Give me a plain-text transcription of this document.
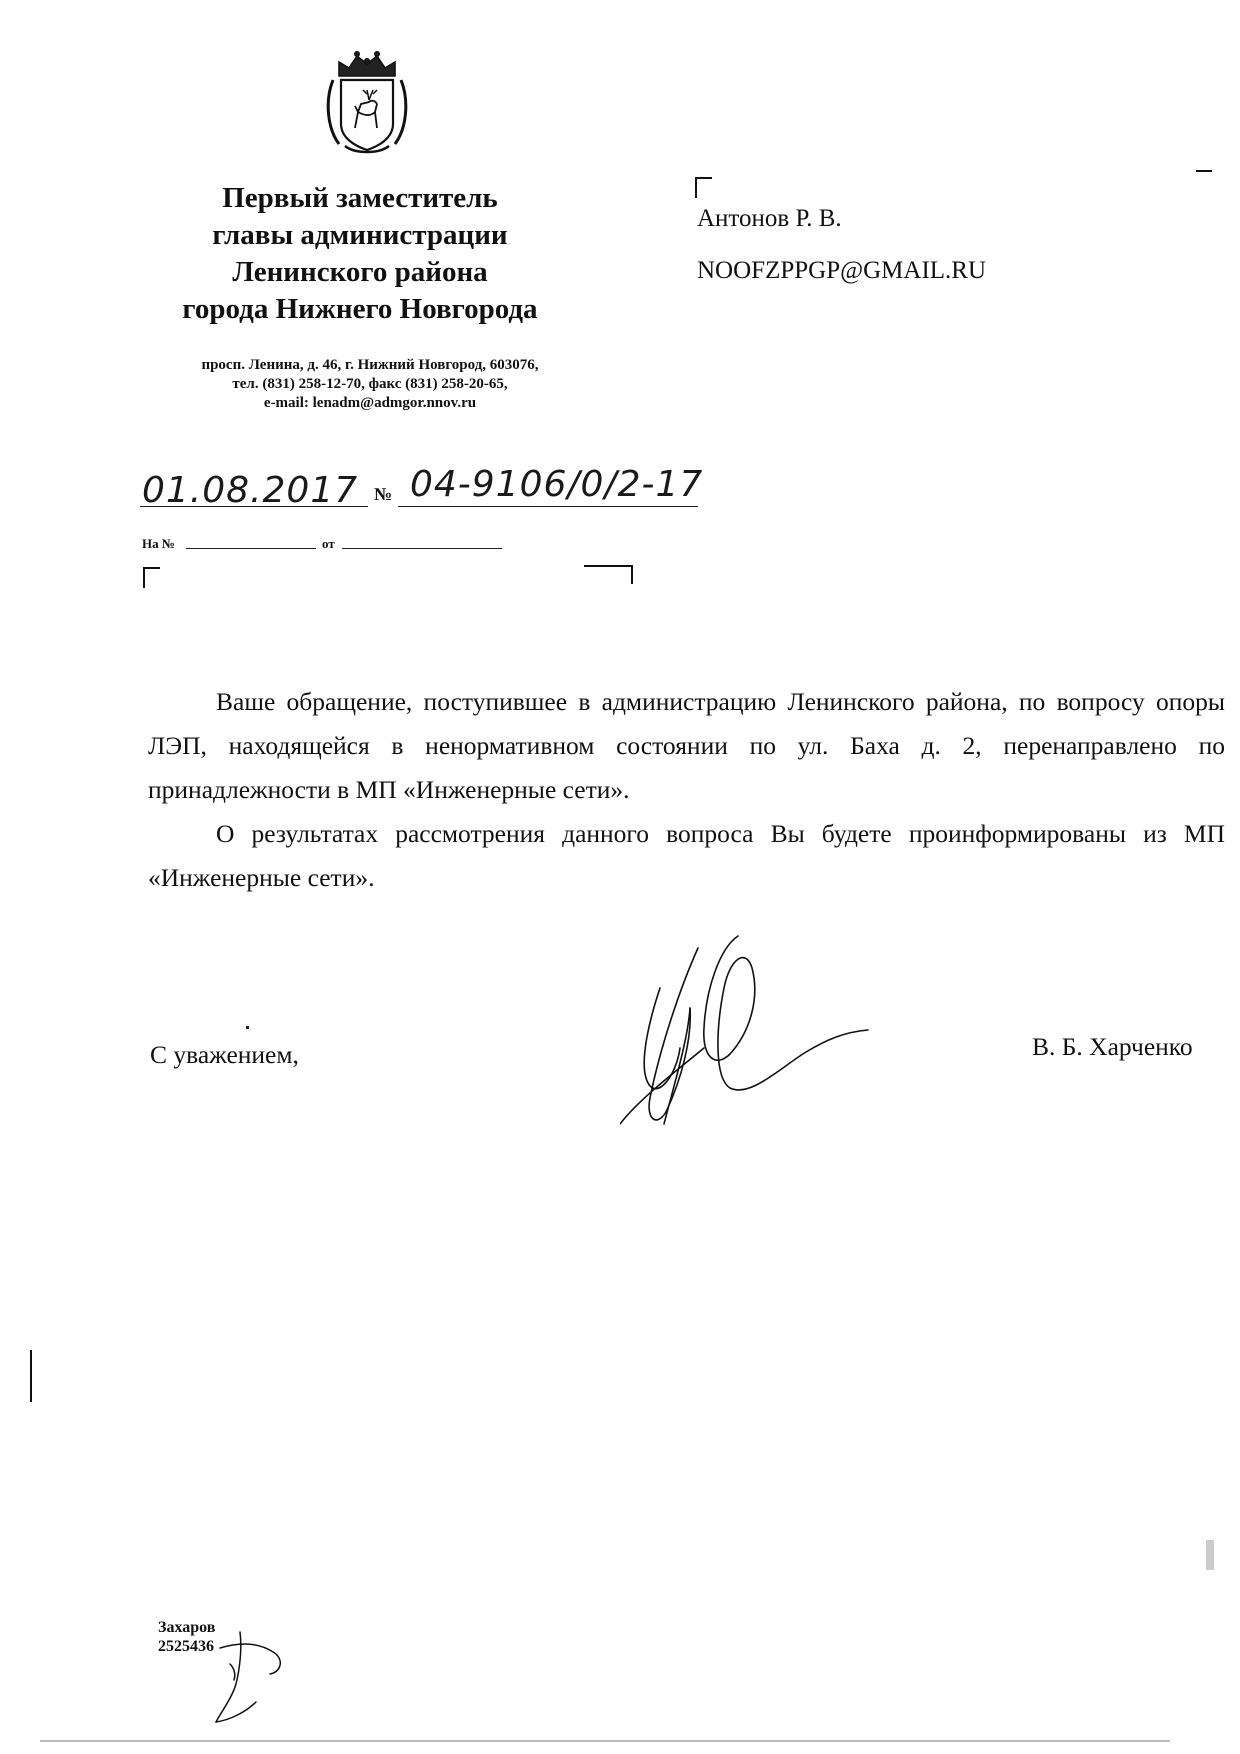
Первый заместитель
главы администрации
Ленинского района
города Нижнего Новгорода
просп. Ленина, д. 46, г. Нижний Новгород, 603076,
тел. (831) 258-12-70, факс (831) 258-20-65,
e-mail: lenadm@admgor.nnov.ru
Антонов Р. В.
NOOFZPPGP@GMAIL.RU
01.08.2017 № 04-9106/0/2-17
На №	от

Ваше обращение, поступившее в администрацию Ленинского района, по вопросу опоры ЛЭП, находящейся в ненормативном состоянии по ул. Баха д. 2, перенаправлено по принадлежности в МП «Инженерные сети».

О результатах рассмотрения данного вопроса Вы будете проинформированы из МП «Инженерные сети».

С уважением,	В. Б. Харченко
Захаров
2525436
